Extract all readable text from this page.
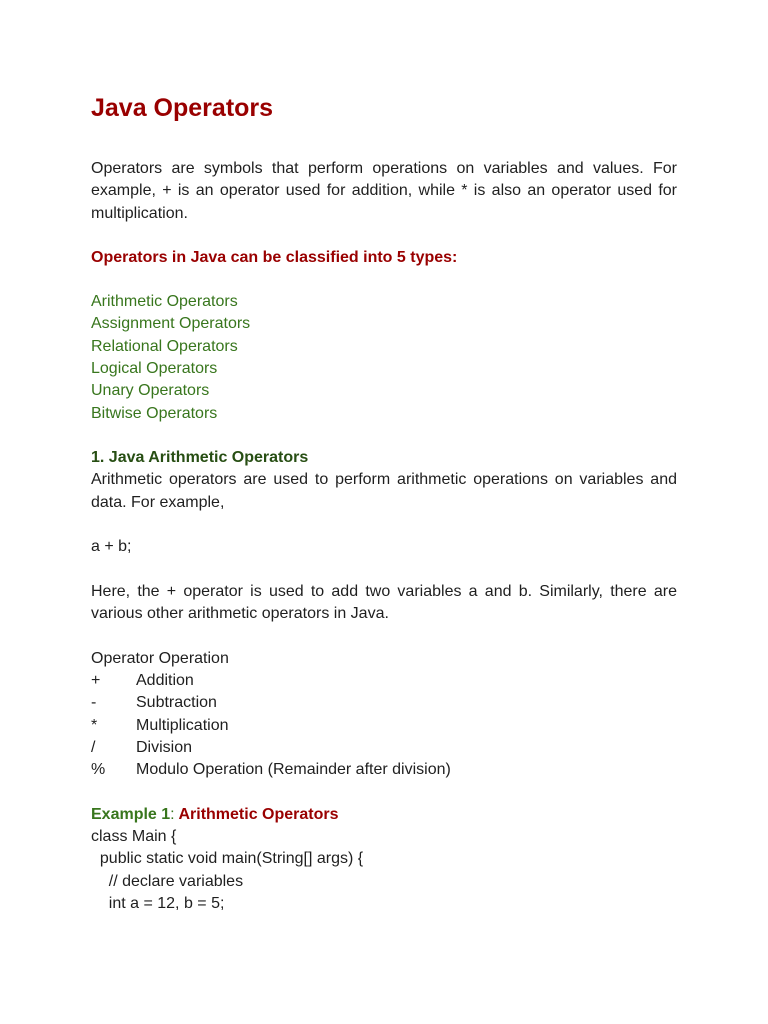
Java Operators

Operators are symbols that perform operations on variables and values. For example, + is an operator used for addition, while * is also an operator used for multiplication.

Operators in Java can be classified into 5 types:
Arithmetic Operators
Assignment Operators
Relational Operators
Logical Operators
Unary Operators
Bitwise Operators
1. Java Arithmetic Operators

Arithmetic operators are used to perform arithmetic operations on variables and data. For example,

a + b;

Here, the + operator is used to add two variables a and b. Similarly, there are various other arithmetic operators in Java.

Operator Operation
+	Addition
-	Subtraction
*	Multiplication
/	Division
%	Modulo Operation (Remainder after division)
Example 1: Arithmetic Operators
class Main {
public static void main(String[] args) {
// declare variables
int a = 12, b = 5;
